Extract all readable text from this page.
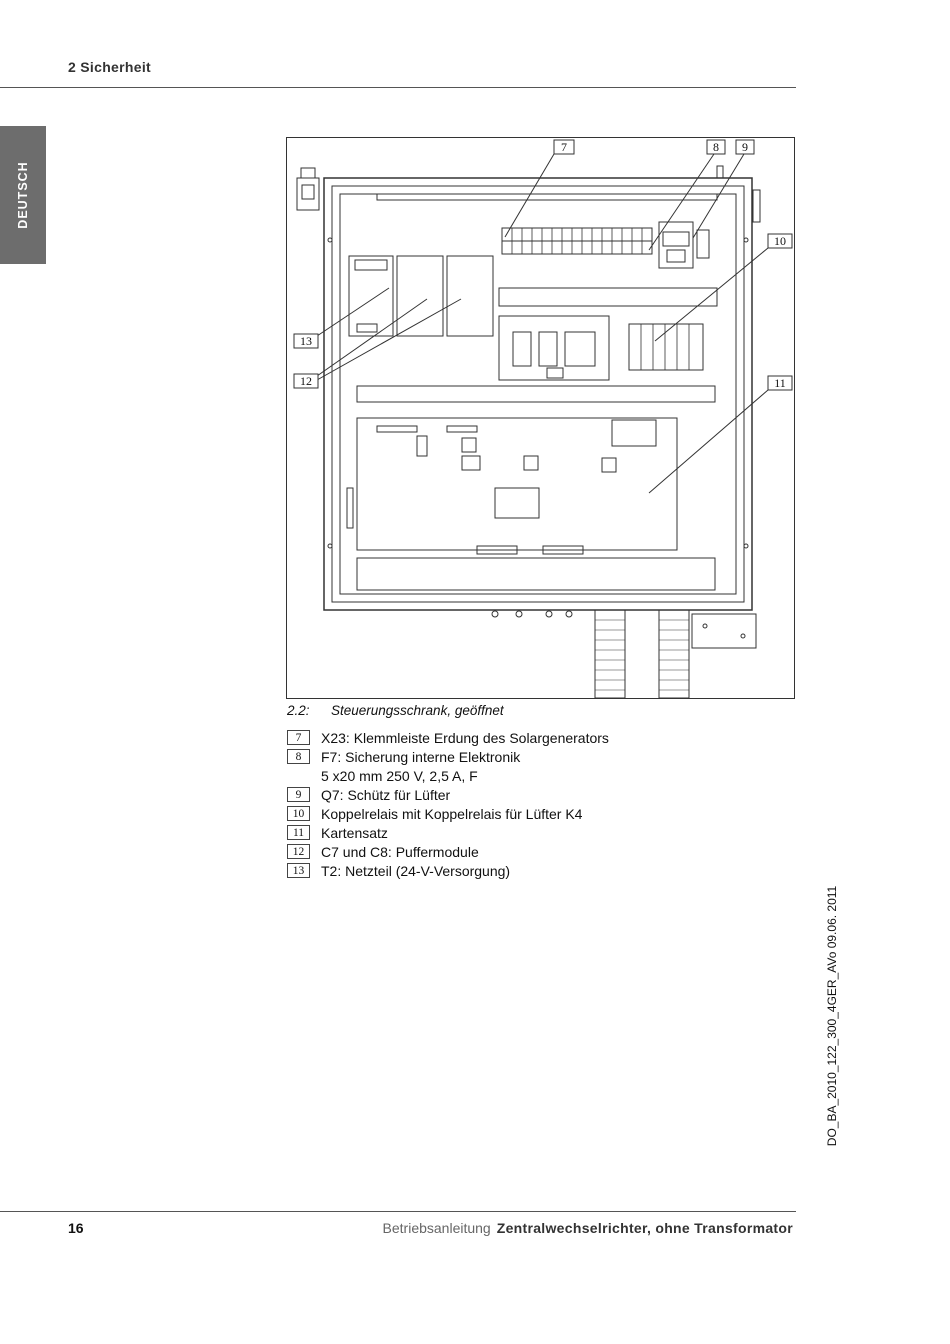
2 Sicherheit
DEUTSCH
7	8 9
10
11
12
13
2.2: Steuerungsschrank, geöffnet
7	X23: Klemmleiste Erdung des Solargenerators
8	F7: Sicherung interne Elektronik
5 x20 mm 250 V, 2,5 A, F
9	Q7: Schütz für Lüfter
10	Koppelrelais mit Koppelrelais für Lüfter K4
11	Kartensatz
12	C7 und C8: Puffermodule
13	T2: Netzteil (24-V-Versorgung)
DO_BA_2010_122_300_4GER_AVo 09.06. 2011
16	Betriebsanleitung Zentralwechselrichter, ohne Transformator
